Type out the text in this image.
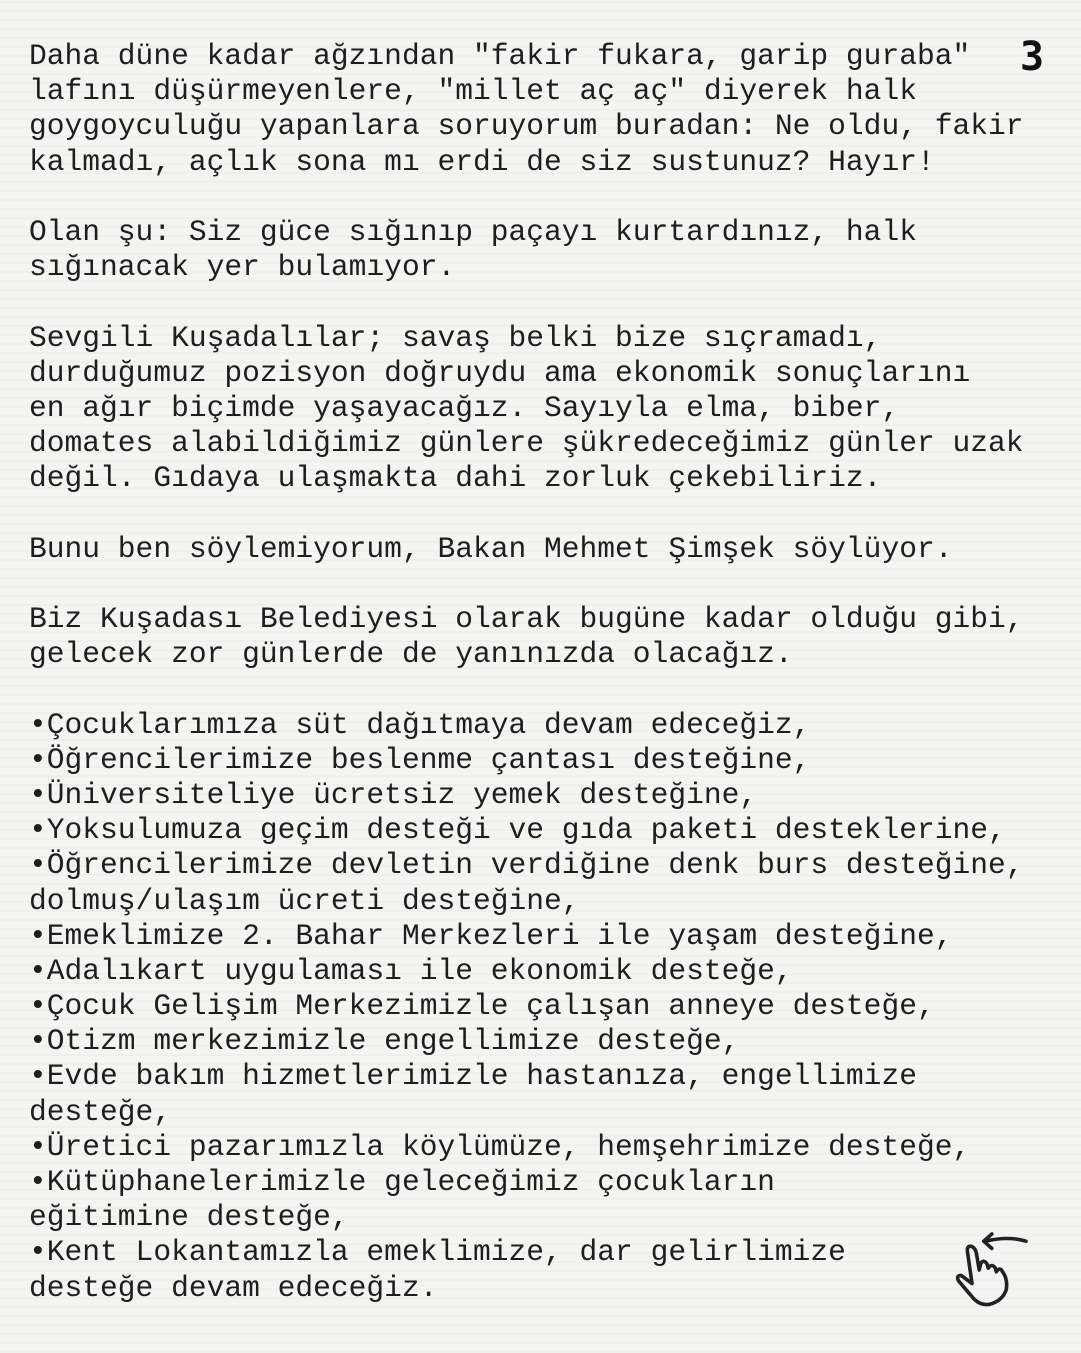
3
Daha düne kadar ağzından "fakir fukara, garip guraba"
lafını düşürmeyenlere, "millet aç aç" diyerek halk
goygoyculuğu yapanlara soruyorum buradan: Ne oldu, fakir
kalmadı, açlık sona mı erdi de siz sustunuz? Hayır!
Olan şu: Siz güce sığınıp paçayı kurtardınız, halk
sığınacak yer bulamıyor.
Sevgili Kuşadalılar; savaş belki bize sıçramadı,
durduğumuz pozisyon doğruydu ama ekonomik sonuçlarını
en ağır biçimde yaşayacağız. Sayıyla elma, biber,
domates alabildiğimiz günlere şükredeceğimiz günler uzak
değil. Gıdaya ulaşmakta dahi zorluk çekebiliriz.
Bunu ben söylemiyorum, Bakan Mehmet Şimşek söylüyor.
Biz Kuşadası Belediyesi olarak bugüne kadar olduğu gibi,
gelecek zor günlerde de yanınızda olacağız.
•Çocuklarımıza süt dağıtmaya devam edeceğiz,
•Öğrencilerimize beslenme çantası desteğine,
•Üniversiteliye ücretsiz yemek desteğine,
•Yoksulumuza geçim desteği ve gıda paketi desteklerine,
•Öğrencilerimize devletin verdiğine denk burs desteğine,
dolmuş/ulaşım ücreti desteğine,
•Emeklimize 2. Bahar Merkezleri ile yaşam desteğine,
•Adalıkart uygulaması ile ekonomik desteğe,
•Çocuk Gelişim Merkezimizle çalışan anneye desteğe,
•Otizm merkezimizle engellimize desteğe,
•Evde bakım hizmetlerimizle hastanıza, engellimize
desteğe,
•Üretici pazarımızla köylümüze, hemşehrimize desteğe,
•Kütüphanelerimizle geleceğimiz çocukların
eğitimine desteğe,
•Kent Lokantamızla emeklimize, dar gelirlimize
desteğe devam edeceğiz.
